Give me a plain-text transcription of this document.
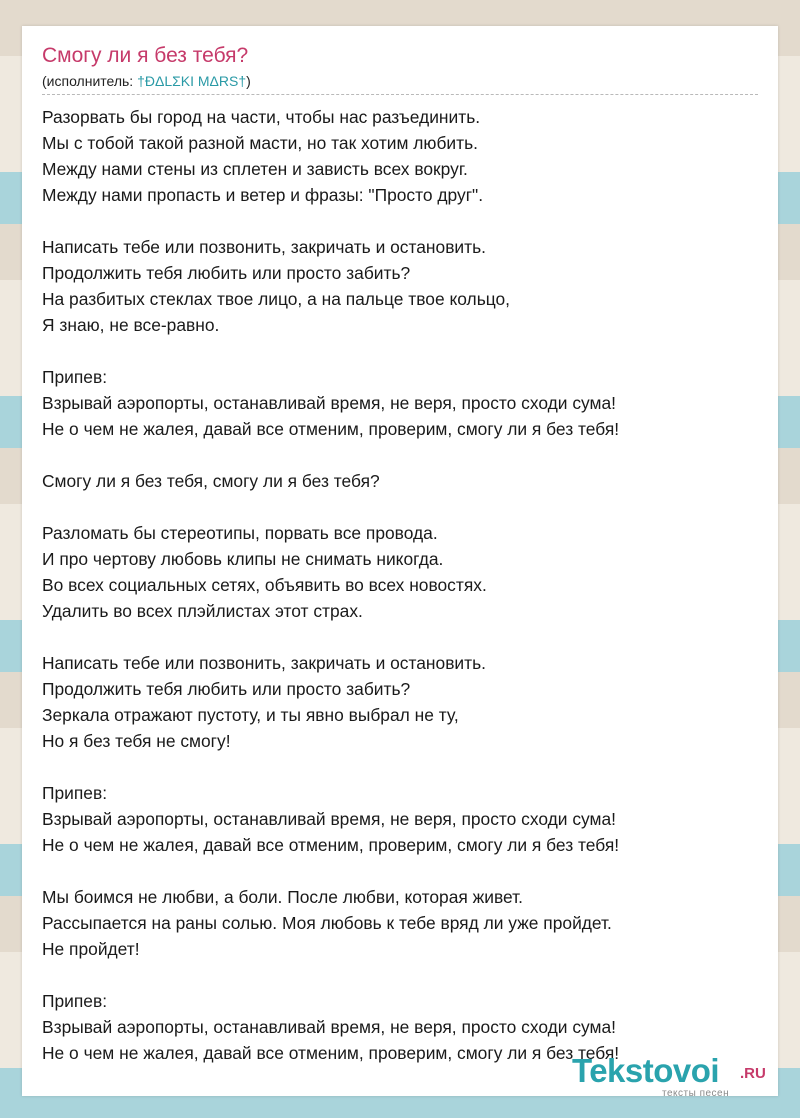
Смогу ли я без тебя?
(исполнитель: †ÐΔLΣKI MΔRS†)

Разорвать бы город на части, чтобы нас разъединить.
Мы с тобой такой разной масти, но так хотим любить.
Между нами стены из сплетен и зависть всех вокруг.
Между нами пропасть и ветер и фразы: "Просто друг".

Написать тебе или позвонить, закричать и остановить.
Продолжить тебя любить или просто забить?
На разбитых стеклах твое лицо, а на пальце твое кольцо,
Я знаю, не все-равно.

Припев:
Взрывай аэропорты, останавливай время, не веря, просто сходи сума!
Не о чем не жалея, давай все отменим, проверим, смогу ли я без тебя!

Смогу ли я без тебя, смогу ли я без тебя?

Разломать бы стереотипы, порвать все провода.
И про чертову любовь клипы не снимать никогда.
Во всех социальных сетях, объявить во всех новостях.
Удалить во всех плэйлистах этот страх.

Написать тебе или позвонить, закричать и остановить.
Продолжить тебя любить или просто забить?
Зеркала отражают пустоту, и ты явно выбрал не ту,
Но я без тебя не смогу!

Припев:
Взрывай аэропорты, останавливай время, не веря, просто сходи сума!
Не о чем не жалея, давай все отменим, проверим, смогу ли я без тебя!

Мы боимся не любви, а боли. После любви, которая живет.
Рассыпается на раны солью. Моя любовь к тебе вряд ли уже пройдет.
Не пройдет!

Припев:
Взрывай аэропорты, останавливай время, не веря, просто сходи сума!
Не о чем не жалея, давай все отменим, проверим, смогу ли я без тебя!

Tekstovoi .RU
тексты песен
